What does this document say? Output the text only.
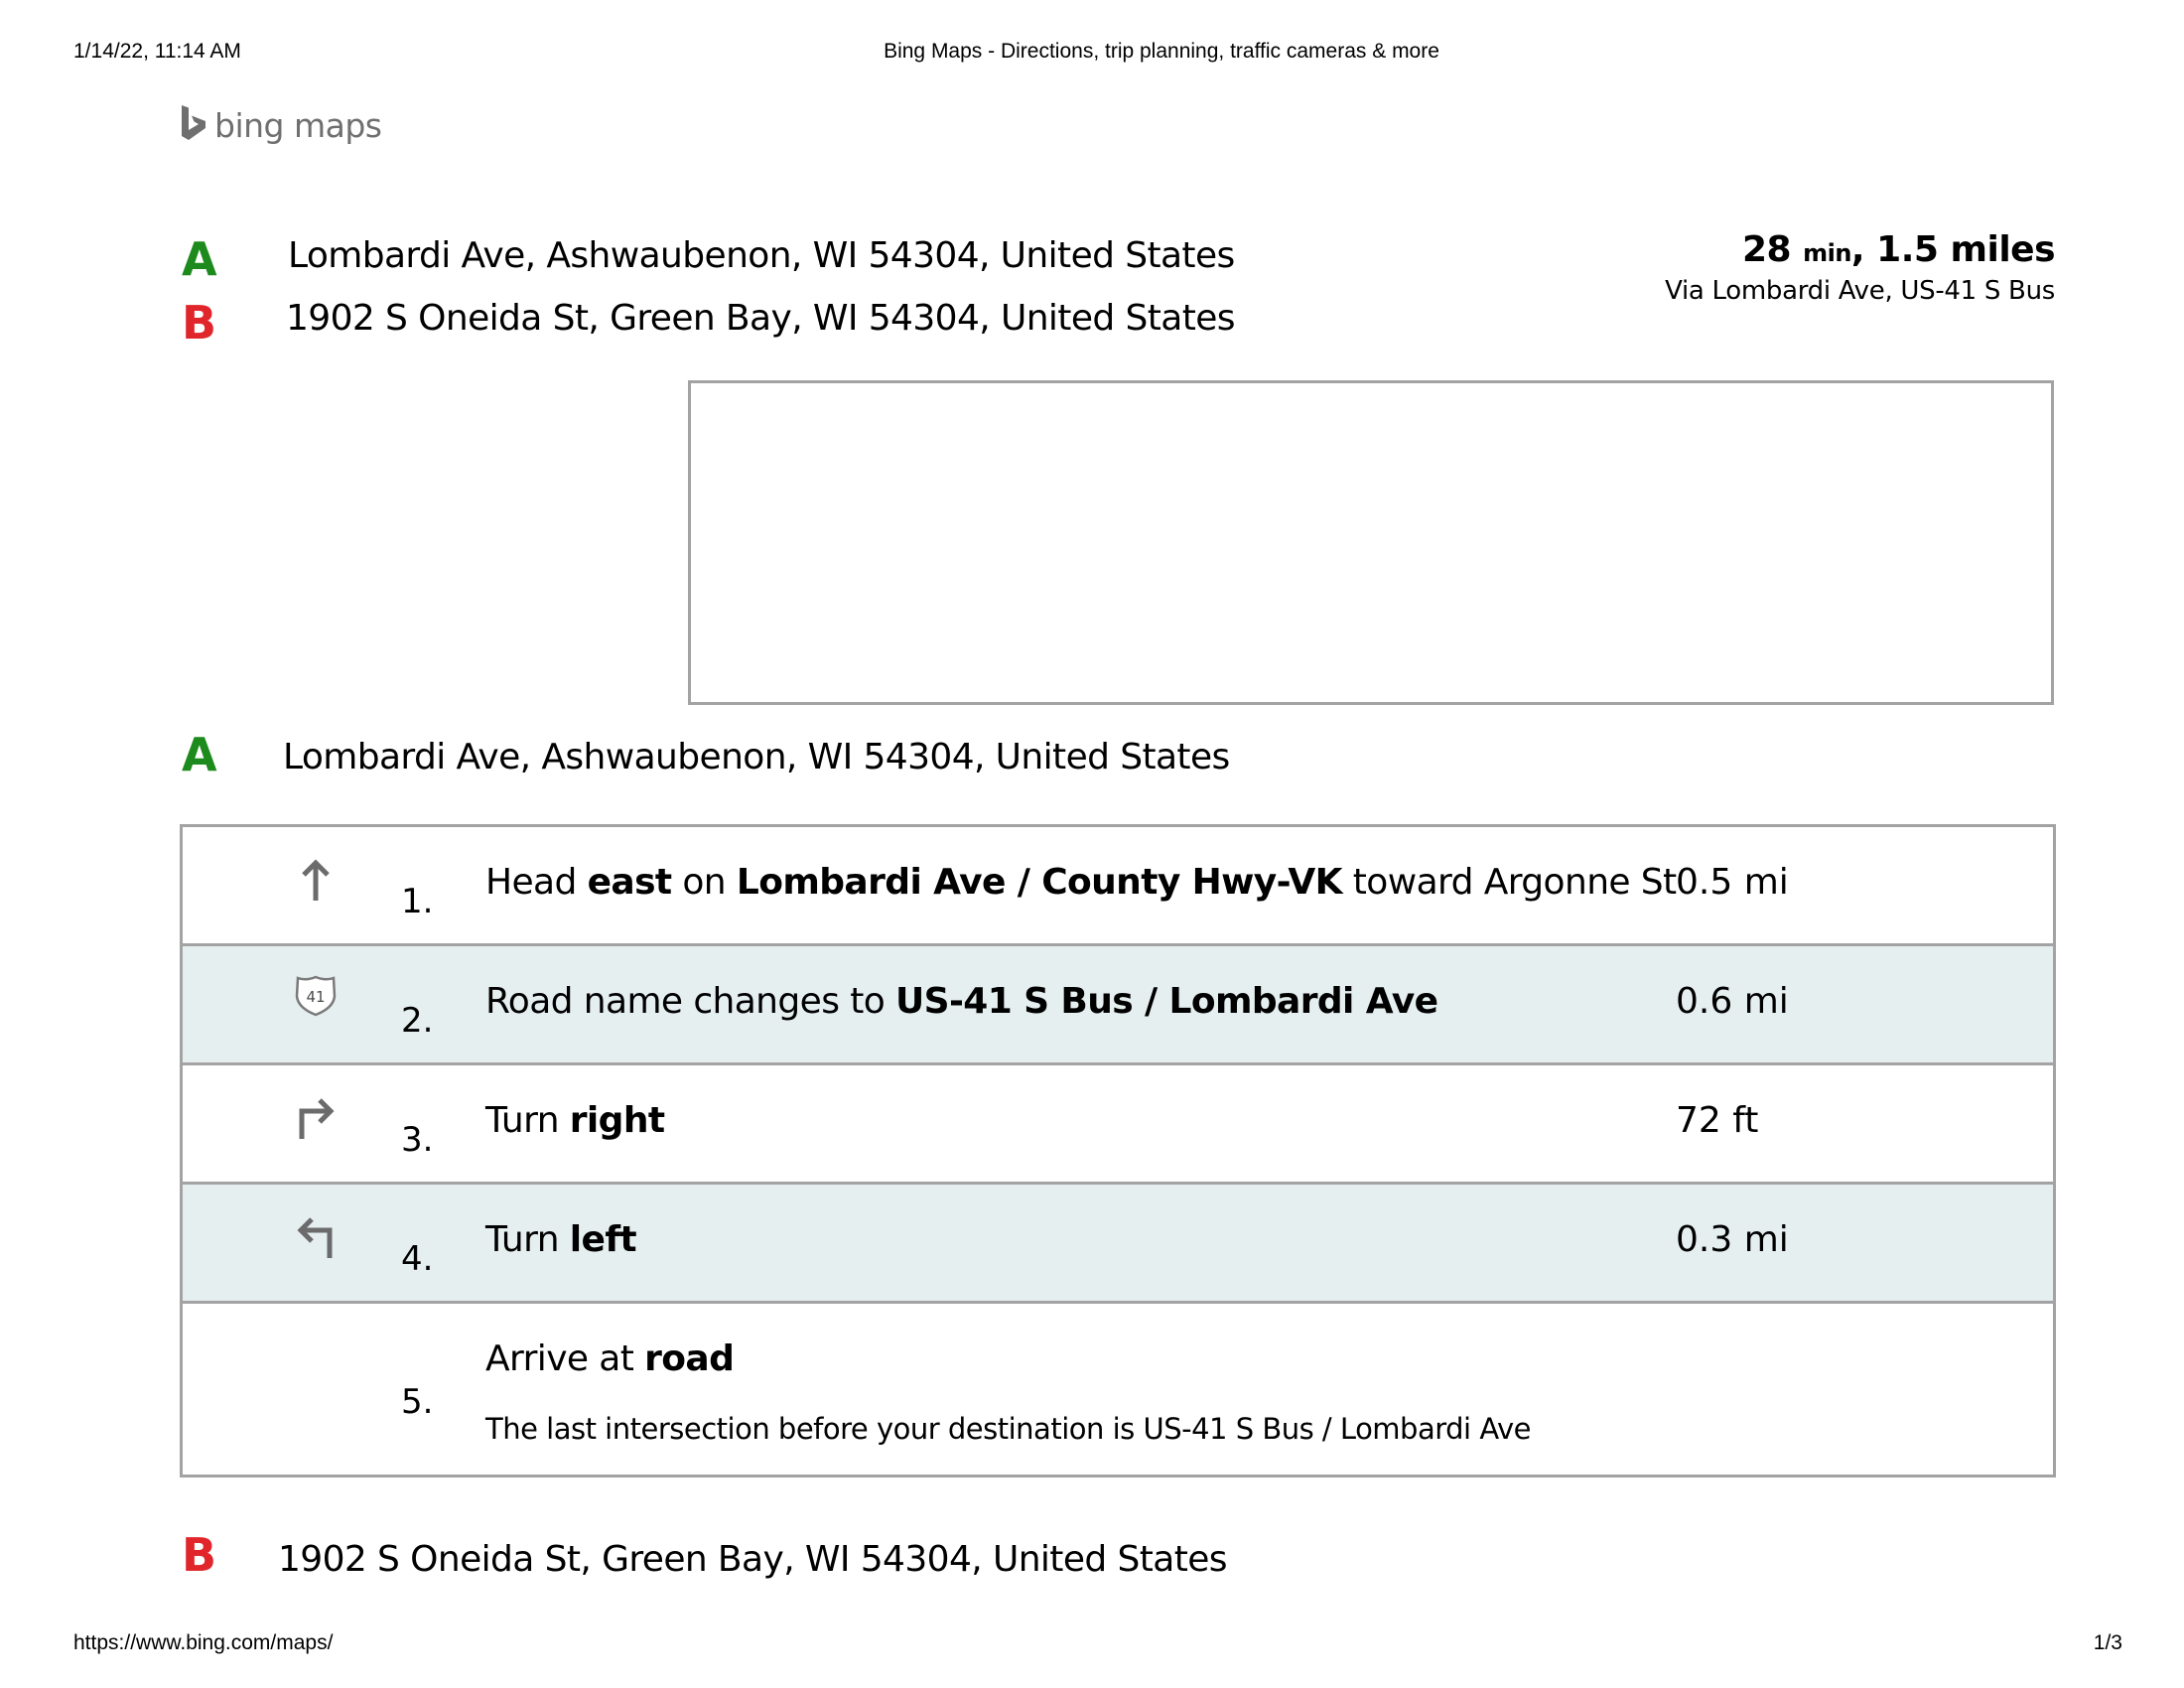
1/14/22, 11:14 AM	Bing Maps - Directions, trip planning, traffic cameras & more
bing maps
A Lombardi Ave, Ashwaubenon, WI 54304, United States
B 1902 S Oneida St, Green Bay, WI 54304, United States
28 min, 1.5 miles
Via Lombardi Ave, US-41 S Bus
A Lombardi Ave, Ashwaubenon, WI 54304, United States
1. Head east on Lombardi Ave / County Hwy-VK toward Argonne St 0.5 mi
41
2. Road name changes to US-41 S Bus / Lombardi Ave	0.6 mi
3. Turn right	72 ft
4. Turn left	0.3 mi
5.
Arrive at road
The last intersection before your destination is US-41 S Bus / Lombardi Ave
B 1902 S Oneida St, Green Bay, WI 54304, United States
https://www.bing.com/maps/	1/3
